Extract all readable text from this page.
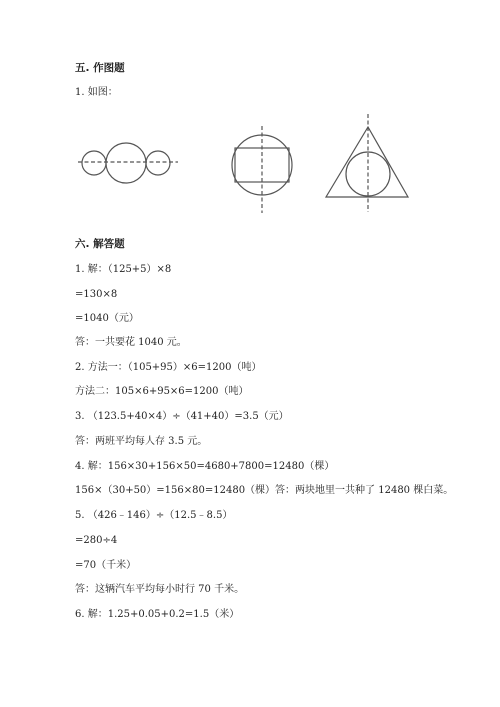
五. 作图题
1. 如图：
六. 解答题
1. 解：（125+5）×8
=130×8
=1040（元）
答：一共要花 1040 元。
2. 方法一：（105+95）×6=1200（吨）
方法二：105×6+95×6=1200（吨）
3. （123.5+40×4）÷（41+40）=3.5（元）
答：两班平均每人存 3.5 元。
4. 解：156×30+156×50=4680+7800=12480（棵）
156×（30+50）=156×80=12480（棵）答：两块地里一共种了 12480 棵白菜。
5. （426﹣146）÷（12.5﹣8.5）
=280÷4
=70（千米）
答：这辆汽车平均每小时行 70 千米。
6. 解：1.25+0.05+0.2=1.5（米）
